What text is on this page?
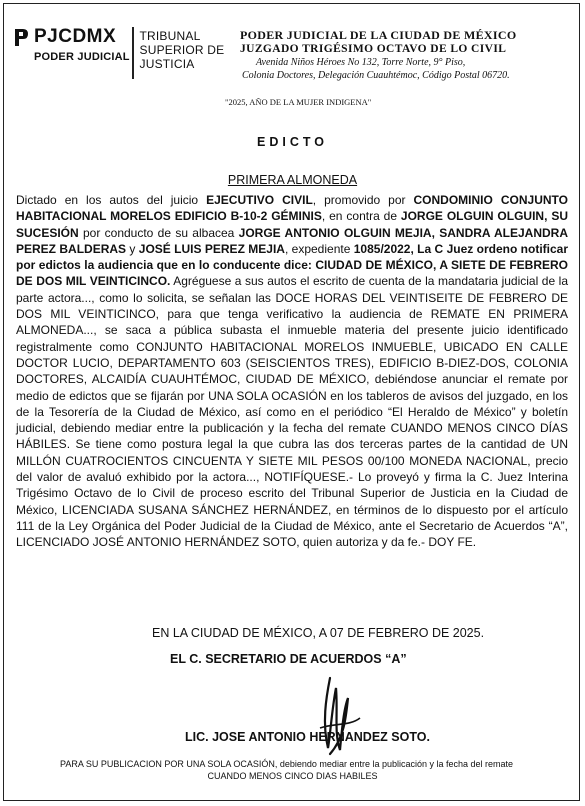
PJCDMX
PODER JUDICIAL
TRIBUNAL
SUPERIOR DE
JUSTICIA
PODER JUDICIAL DE LA CIUDAD DE MÉXICO
JUZGADO TRIGÉSIMO OCTAVO DE LO CIVIL
Avenida Niños Héroes No 132, Torre Norte, 9° Piso,
Colonia Doctores, Delegación Cuauhtémoc, Código Postal 06720.
"2025, AÑO DE LA MUJER INDIGENA"
EDICTO
PRIMERA ALMONEDA

Dictado en los autos del juicio EJECUTIVO CIVIL, promovido por CONDOMINIO CONJUNTO HABITACIONAL MORELOS EDIFICIO B-10-2 GÉMINIS, en contra de JORGE OLGUIN OLGUIN, SU SUCESIÓN por conducto de su albacea JORGE ANTONIO OLGUIN MEJIA, SANDRA ALEJANDRA PEREZ BALDERAS y JOSÉ LUIS PEREZ MEJIA, expediente 1085/2022, La C Juez ordeno notificar por edictos la audiencia que en lo conducente dice: CIUDAD DE MÉXICO, A SIETE DE FEBRERO DE DOS MIL VEINTICINCO. Agréguese a sus autos el escrito de cuenta de la mandataria judicial de la parte actora..., como lo solicita, se señalan las DOCE HORAS DEL VEINTISEITE DE FEBRERO DE DOS MIL VEINTICINCO, para que tenga verificativo la audiencia de REMATE EN PRIMERA ALMONEDA..., se saca a pública subasta el inmueble materia del presente juicio identificado registralmente como CONJUNTO HABITACIONAL MORELOS INMUEBLE, UBICADO EN CALLE DOCTOR LUCIO, DEPARTAMENTO 603 (SEISCIENTOS TRES), EDIFICIO B-DIEZ-DOS, COLONIA DOCTORES, ALCAIDÍA CUAUHTÉMOC, CIUDAD DE MÉXICO, debiéndose anunciar el remate por medio de edictos que se fijarán por UNA SOLA OCASIÓN en los tableros de avisos del juzgado, en los de la Tesorería de la Ciudad de México, así como en el periódico “El Heraldo de México” y boletín judicial, debiendo mediar entre la publicación y la fecha del remate CUANDO MENOS CINCO DÍAS HÁBILES. Se tiene como postura legal la que cubra las dos terceras partes de la cantidad de UN MILLÓN CUATROCIENTOS CINCUENTA Y SIETE MIL PESOS 00/100 MONEDA NACIONAL, precio del valor de avaluó exhibido por la actora..., NOTIFÍQUESE.- Lo proveyó y firma la C. Juez Interina Trigésimo Octavo de lo Civil de proceso escrito del Tribunal Superior de Justicia en la Ciudad de México, LICENCIADA SUSANA SÁNCHEZ HERNÁNDEZ, en términos de lo dispuesto por el artículo 111 de la Ley Orgánica del Poder Judicial de la Ciudad de México, ante el Secretario de Acuerdos “A”, LICENCIADO JOSÉ ANTONIO HERNÁNDEZ SOTO, quien autoriza y da fe.- DOY FE.

EN LA CIUDAD DE MÉXICO, A 07 DE FEBRERO DE 2025.
EL C. SECRETARIO DE ACUERDOS “A”
LIC. JOSE ANTONIO HERNANDEZ SOTO.
PARA SU PUBLICACION POR UNA SOLA OCASIÓN, debiendo mediar entre la publicación y la fecha del remate
CUANDO MENOS CINCO DIAS HABILES
